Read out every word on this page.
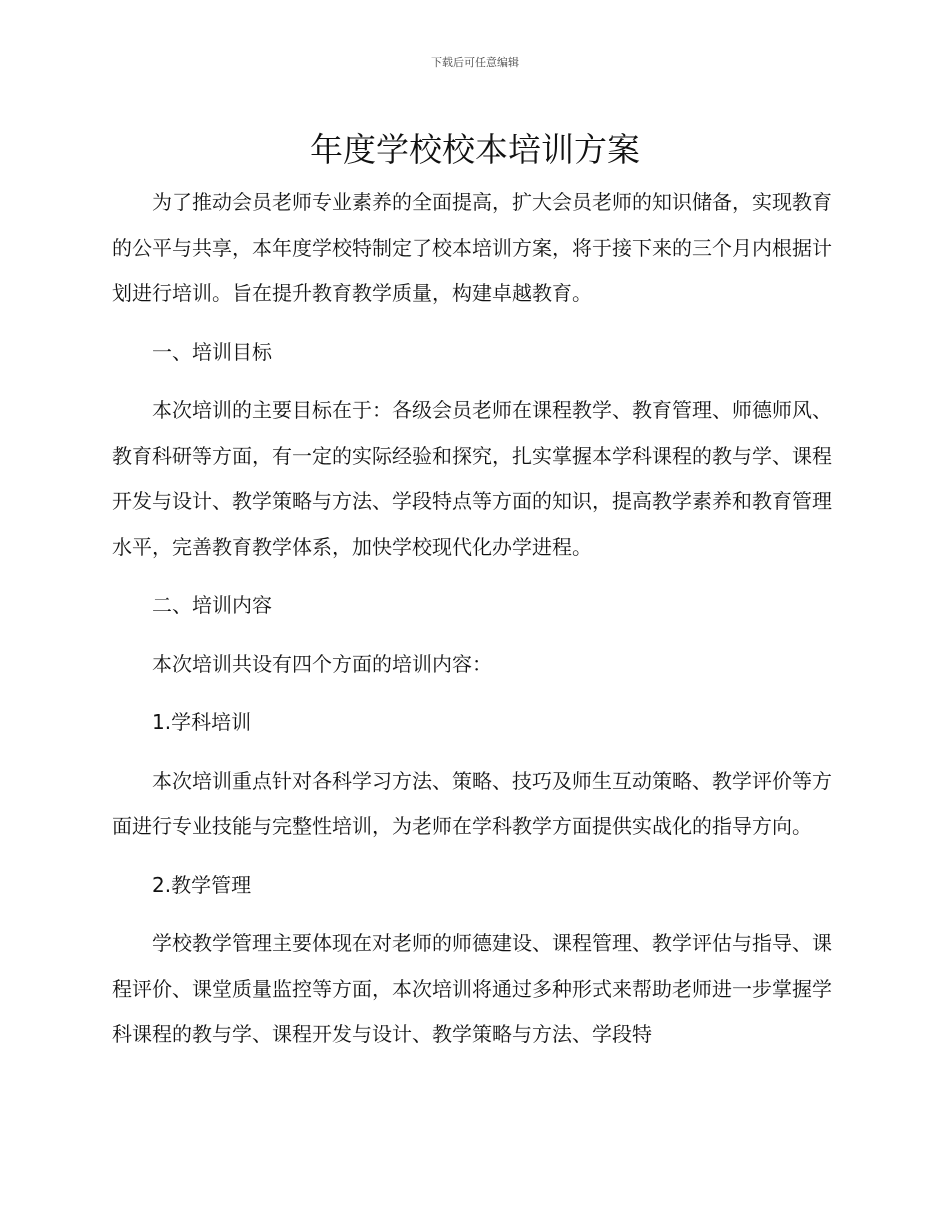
下载后可任意编辑
年度学校校本培训方案

为了推动会员老师专业素养的全面提高，扩大会员老师的知识储备，实现教育的公平与共享，本年度学校特制定了校本培训方案，将于接下来的三个月内根据计划进行培训。旨在提升教育教学质量，构建卓越教育。

一、培训目标

本次培训的主要目标在于：各级会员老师在课程教学、教育管理、师德师风、教育科研等方面，有一定的实际经验和探究，扎实掌握本学科课程的教与学、课程开发与设计、教学策略与方法、学段特点等方面的知识，提高教学素养和教育管理水平，完善教育教学体系，加快学校现代化办学进程。

二、培训内容

本次培训共设有四个方面的培训内容：

1.学科培训

本次培训重点针对各科学习方法、策略、技巧及师生互动策略、教学评价等方面进行专业技能与完整性培训，为老师在学科教学方面提供实战化的指导方向。

2.教学管理

学校教学管理主要体现在对老师的师德建设、课程管理、教学评估与指导、课程评价、课堂质量监控等方面，本次培训将通过多种形式来帮助老师进一步掌握学科课程的教与学、课程开发与设计、教学策略与方法、学段特
